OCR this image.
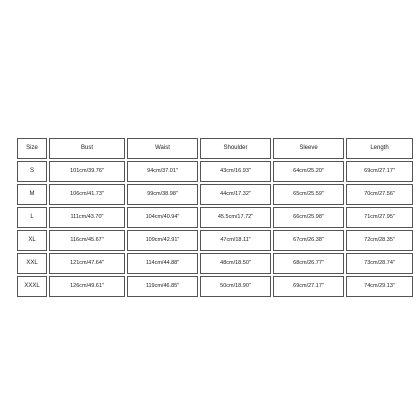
Size	Bust	Waist	Shoulder	Sleeve	Length
S	101cm/39.76"	94cm/37.01"	43cm/16.93"	64cm/25.20"	69cm/27.17"
M	106cm/41.73"	99cm/38.98"	44cm/17.32"	65cm/25.59"	70cm/27.56"
L	111cm/43.70"	104cm/40.94"	45.5cm/17.72"	66cm/25.98"	71cm/27.95"
XL	116cm/45.67"	109cm/42.91"	47cm/18.11"	67cm/26.38"	72cm/28.35"
XXL	121cm/47.64"	114cm/44.88"	48cm/18.50"	68cm/26.77"	73cm/28.74"
XXXL	126cm/49.61"	119cm/46.85"	50cm/18.90"	69cm/27.17"	74cm/29.13"
